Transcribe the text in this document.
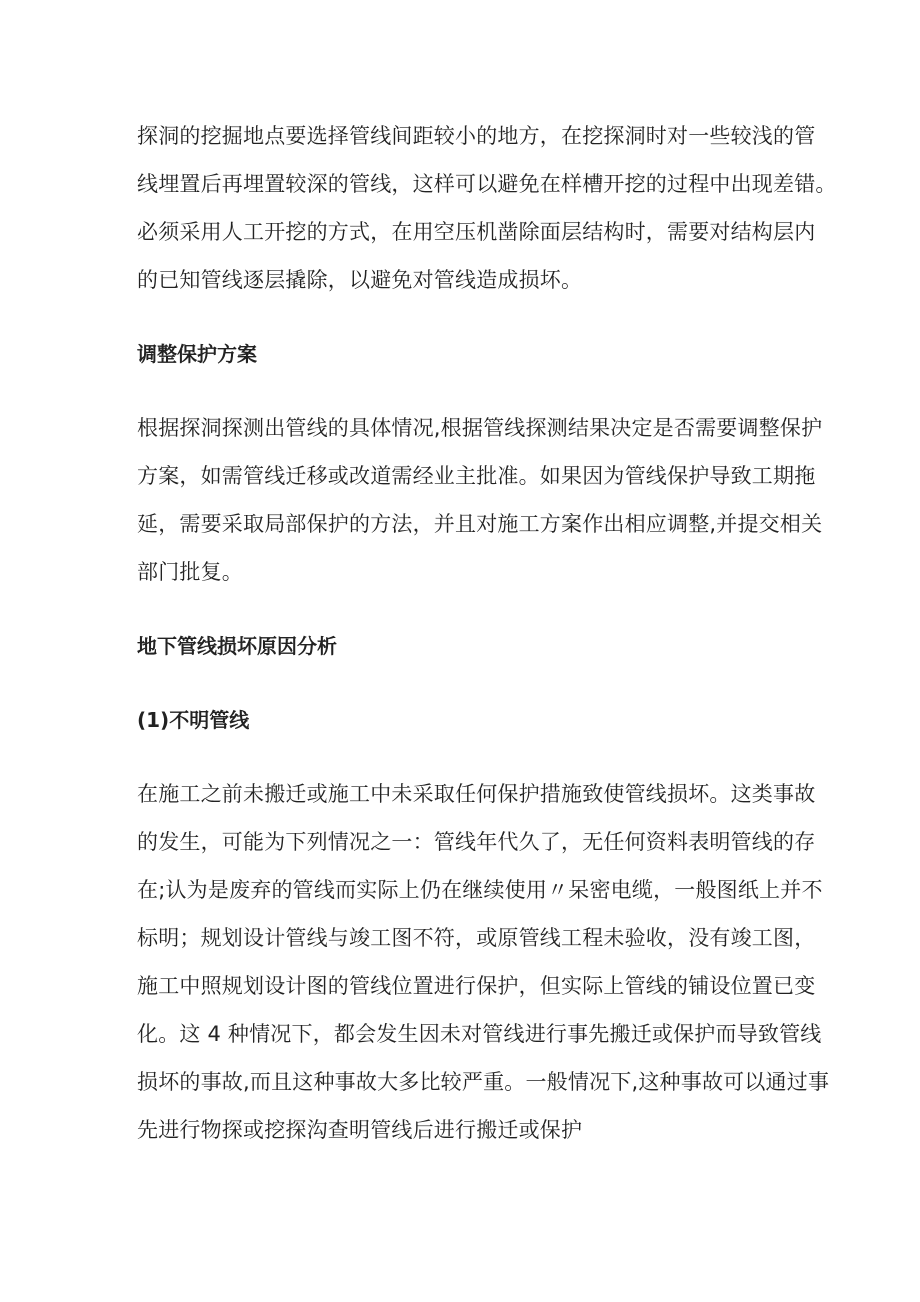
探洞的挖掘地点要选择管线间距较小的地方，在挖探洞时对一些较浅的管
线埋置后再埋置较深的管线，这样可以避免在样槽开挖的过程中出现差错。
必须采用人工开挖的方式，在用空压机凿除面层结构时，需要对结构层内
的已知管线逐层撬除，以避免对管线造成损坏。

调整保护方案

根据探洞探测出管线的具体情况,根据管线探测结果决定是否需要调整保护
方案，如需管线迁移或改道需经业主批准。如果因为管线保护导致工期拖
延，需要采取局部保护的方法，并且对施工方案作出相应调整,并提交相关
部门批复。

地下管线损坏原因分析
(1)不明管线

在施工之前未搬迁或施工中未采取任何保护措施致使管线损坏。这类事故
的发生，可能为下列情况之一：管线年代久了，无任何资料表明管线的存
在;认为是废弃的管线而实际上仍在继续使用〃呆密电缆，一般图纸上并不
标明；规划设计管线与竣工图不符，或原管线工程未验收，没有竣工图，
施工中照规划设计图的管线位置进行保护，但实际上管线的铺设位置已变
化。这 4 种情况下，都会发生因未对管线进行事先搬迁或保护而导致管线
损坏的事故,而且这种事故大多比较严重。一般情况下,这种事故可以通过事
先进行物探或挖探沟查明管线后进行搬迁或保护
